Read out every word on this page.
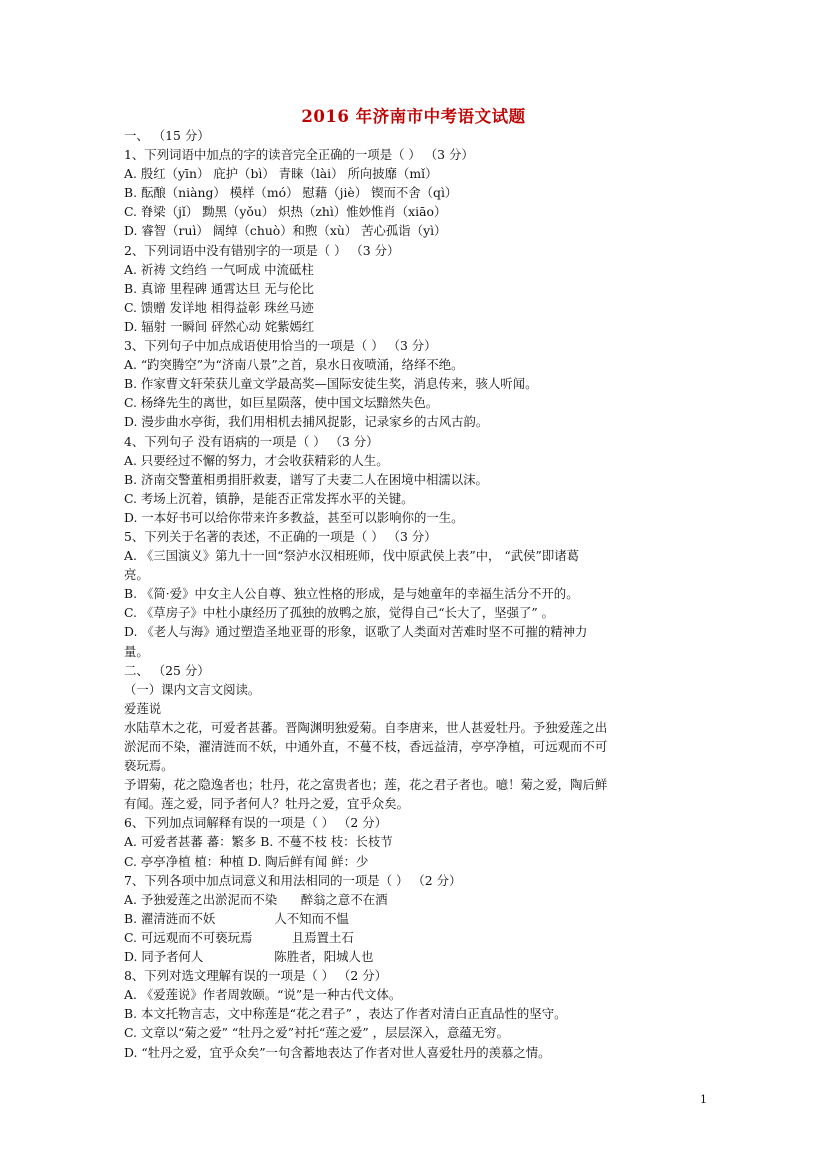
2016 年济南市中考语文试题
一、 （15 分）
1、下列词语中加点的字的读音完全正确的一项是（ ） （3 分）
A. 殷红（yīn） 庇护（bì） 青睐（lài） 所向披靡（mǐ）
B. 酝酿（niàng） 模样（mó） 慰藉（jiè） 锲而不舍（qì）
C. 脊梁（jǐ） 黝黑（yǒu） 炽热（zhì）惟妙惟肖（xiāo）
D. 睿智（ruì） 阔绰（chuò）和煦（xù） 苦心孤诣（yì）
2、下列词语中没有错别字的一项是（ ） （3 分）
A. 祈祷 文绉绉 一气呵成 中流砥柱
B. 真谛 里程碑 通霄达旦 无与伦比
C. 馈赠 发详地 相得益彰 珠丝马迹
D. 辐射 一瞬间 砰然心动 姹紫嫣红
3、下列句子中加点成语使用恰当的一项是（ ） （3 分）
A. “趵突腾空”为“济南八景”之首，泉水日夜喷涌，络绎不绝。
B. 作家曹文轩荣获儿童文学最高奖—国际安徒生奖，消息传来，骇人听闻。
C. 杨绛先生的离世，如巨星陨落，使中国文坛黯然失色。
D. 漫步曲水亭街，我们用相机去捕风捉影，记录家乡的古风古韵。
4、下列句子 没有语病的一项是（ ） （3 分）
A. 只要经过不懈的努力，才会收获精彩的人生。
B. 济南交警董相勇捐肝救妻，谱写了夫妻二人在困境中相濡以沫。
C. 考场上沉着，镇静，是能否正常发挥水平的关键。
D. 一本好书可以给你带来许多教益，甚至可以影响你的一生。
5、下列关于名著的表述，不正确的一项是（ ） （3 分）
A. 《三国演义》第九十一回“祭泸水汉相班师，伐中原武侯上表”中， “武侯”即诸葛
亮。
B. 《简·爱》中女主人公自尊、独立性格的形成，是与她童年的幸福生活分不开的。
C. 《草房子》中杜小康经历了孤独的放鸭之旅，觉得自己“长大了，坚强了” 。
D. 《老人与海》通过塑造圣地亚哥的形象，讴歌了人类面对苦难时坚不可摧的精神力
量。
二、 （25 分）
（一）课内文言文阅读。
爱莲说
水陆草木之花，可爱者甚蕃。晋陶渊明独爱菊。自李唐来，世人甚爱牡丹。予独爱莲之出
淤泥而不染，濯清涟而不妖，中通外直，不蔓不枝，香远益清，亭亭净植，可远观而不可
亵玩焉。
予谓菊，花之隐逸者也；牡丹，花之富贵者也；莲，花之君子者也。噫！菊之爱，陶后鲜
有闻。莲之爱，同予者何人？牡丹之爱，宜乎众矣。
6、下列加点词解释有误的一项是（ ） （2 分）
A. 可爱者甚蕃 蕃：繁多 B. 不蔓不枝 枝：长枝节
C. 亭亭净植 植：种植 D. 陶后鲜有闻 鲜：少
7、下列各项中加点词意义和用法相同的一项是（ ） （2 分）
A. 予独爱莲之出淤泥而不染      醉翁之意不在酒
B. 濯清涟而不妖               人不知而不愠
C. 可远观而不可亵玩焉          且焉置土石
D. 同予者何人                  陈胜者，阳城人也
8、下列对选文理解有误的一项是（ ） （2 分）
A. 《爱莲说》作者周敦颐。“说”是一种古代文体。
B. 本文托物言志，文中称莲是“花之君子” ，表达了作者对清白正直品性的坚守。
C. 文章以“菊之爱” “牡丹之爱”衬托“莲之爱” ，层层深入，意蕴无穷。
D. “牡丹之爱，宜乎众矣”一句含蓄地表达了作者对世人喜爱牡丹的羡慕之情。
1
